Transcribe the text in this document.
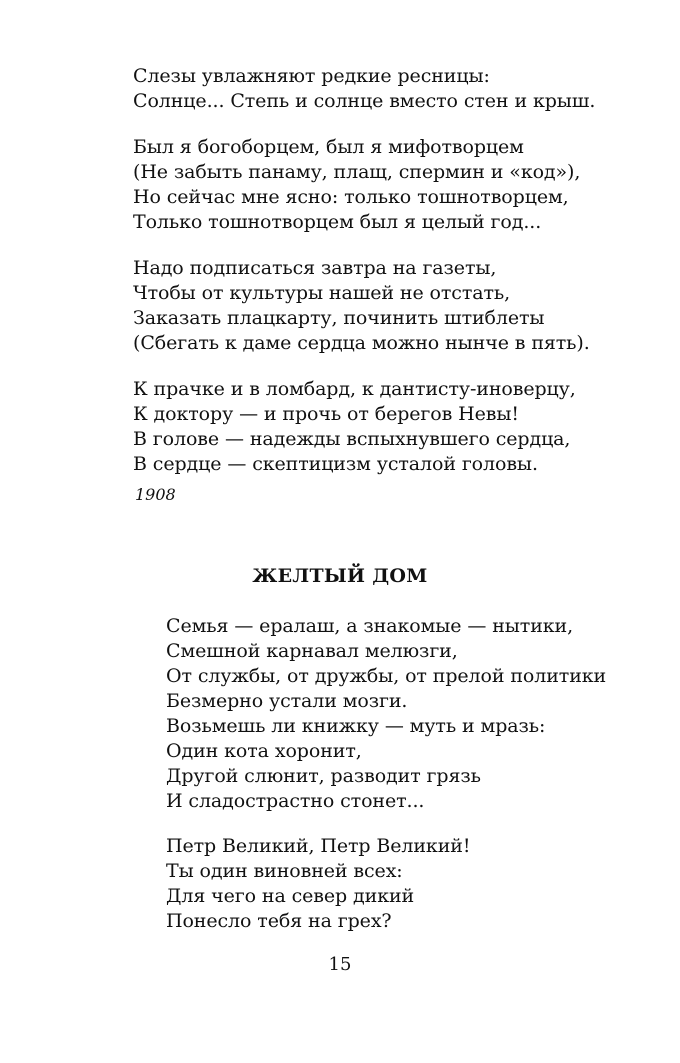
Слезы увлажняют редкие ресницы:
Солнце... Степь и солнце вместо стен и крыш.
Был я богоборцем, был я мифотворцем
(Не забыть панаму, плащ, спермин и «код»),
Но сейчас мне ясно: только тошнотворцем,
Только тошнотворцем был я целый год...
Надо подписаться завтра на газеты,
Чтобы от культуры нашей не отстать,
Заказать плацкарту, починить штиблеты
(Сбегать к даме сердца можно нынче в пять).
К прачке и в ломбард, к дантисту-иноверцу,
К доктору — и прочь от берегов Невы!
В голове — надежды вспыхнувшего сердца,
В сердце — скептицизм усталой головы.
1908
ЖЕЛТЫЙ ДОМ
Семья — ералаш, а знакомые — нытики,
Смешной карнавал мелюзги,
От службы, от дружбы, от прелой политики
Безмерно устали мозги.
Возьмешь ли книжку — муть и мразь:
Один кота хоронит,
Другой слюнит, разводит грязь
И сладострастно стонет...
Петр Великий, Петр Великий!
Ты один виновней всех:
Для чего на север дикий
Понесло тебя на грех?
15
